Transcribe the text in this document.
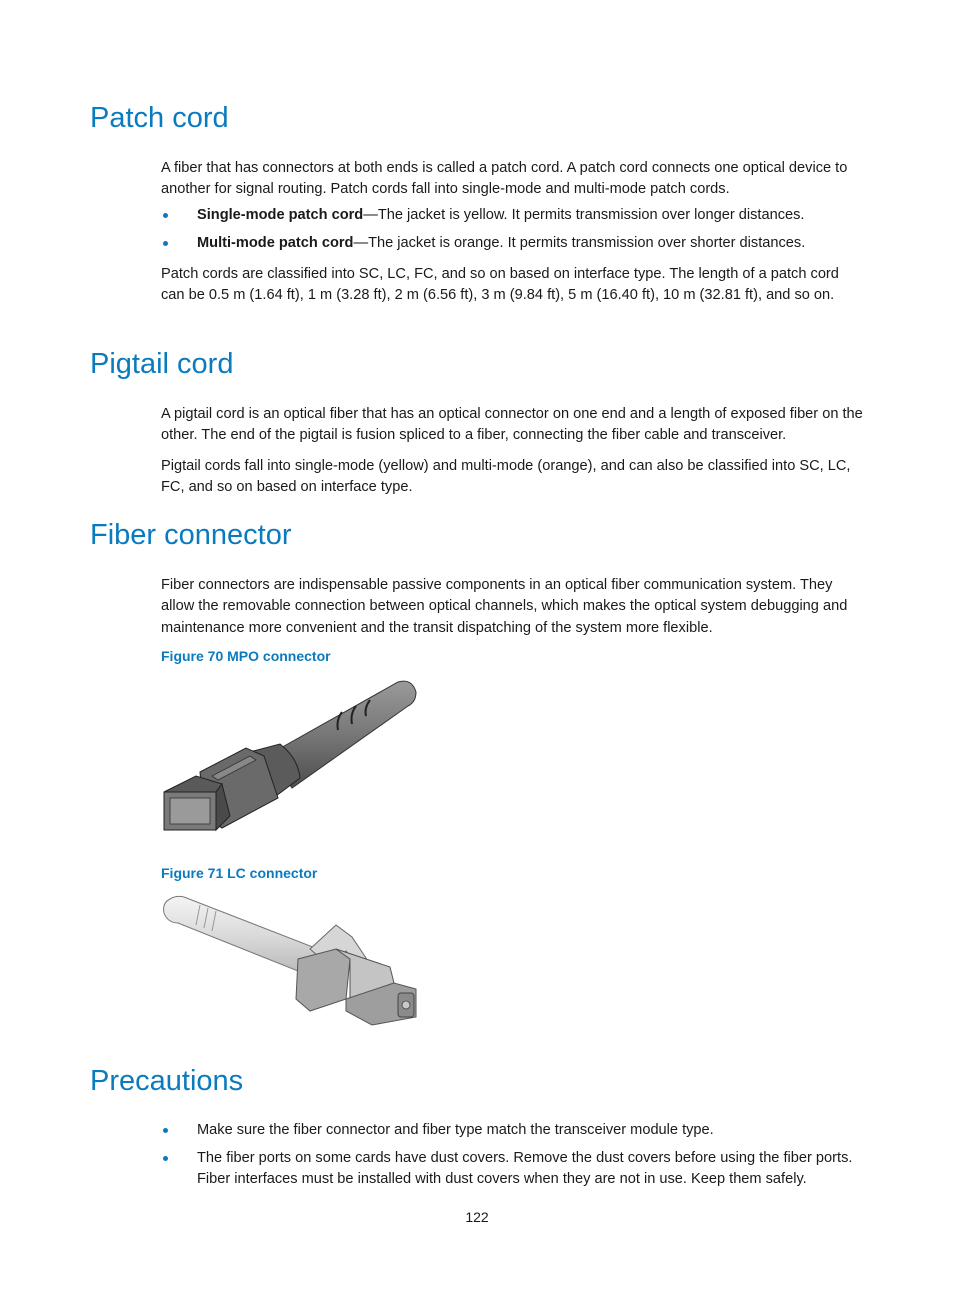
Patch cord

A fiber that has connectors at both ends is called a patch cord. A patch cord connects one optical device to another for signal routing. Patch cords fall into single-mode and multi-mode patch cords.

Single-mode patch cord—The jacket is yellow. It permits transmission over longer distances.
Multi-mode patch cord—The jacket is orange. It permits transmission over shorter distances.

Patch cords are classified into SC, LC, FC, and so on based on interface type. The length of a patch cord can be 0.5 m (1.64 ft), 1 m (3.28 ft), 2 m (6.56 ft), 3 m (9.84 ft), 5 m (16.40 ft), 10 m (32.81 ft), and so on.

Pigtail cord

A pigtail cord is an optical fiber that has an optical connector on one end and a length of exposed fiber on the other. The end of the pigtail is fusion spliced to a fiber, connecting the fiber cable and transceiver.

Pigtail cords fall into single-mode (yellow) and multi-mode (orange), and can also be classified into SC, LC, FC, and so on based on interface type.

Fiber connector

Fiber connectors are indispensable passive components in an optical fiber communication system. They allow the removable connection between optical channels, which makes the optical system debugging and maintenance more convenient and the transit dispatching of the system more flexible.

Figure 70 MPO connector
Figure 71 LC connector
Precautions
Make sure the fiber connector and fiber type match the transceiver module type.
The fiber ports on some cards have dust covers. Remove the dust covers before using the fiber ports. Fiber interfaces must be installed with dust covers when they are not in use. Keep them safely.
122
